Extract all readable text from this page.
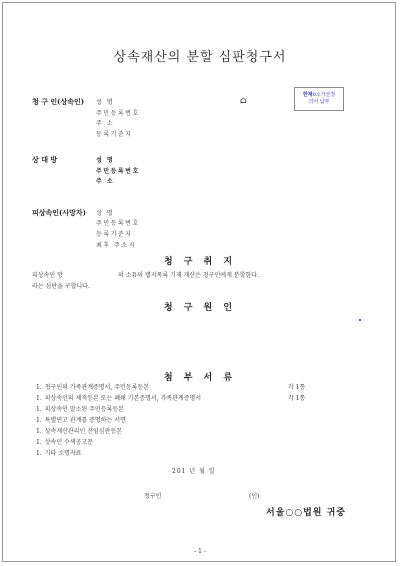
상속재산의 분할 심판청구서
한재0소가산정
의어 납부
⌂
청 구 인(상속인) 성 명
주민등록번호
주 소
등록기준지
상 대 방	성 명
주민등록번호
주 소
피상속인(사망자) 성 명
주민등록번호
등록기준지
최후 주소지
청 구 취 지
피상속인 망	의 소유의 별지목록 기재 재산은 청구인에게 분할한다.
라는 심판을 구합니다.
청 구 원 인
첨 부 서 류
1. 청구인의 가족관계증명서, 주민등록등본	각 1통
1. 피상속인의 제적등본 또는 폐쇄 기본증명서, 가족관계증명서	각 1통
1. 피상속인 말소된 주민등록등본
1. 특별연고 관계를 증명하는 서면
1. 상속재산관리인 선임심판등본
1. 상속인 수색공고문
1. 기타 소명자료
201 년 월 일
청구인	(인)
서울○○법원 귀중
- 1 -
